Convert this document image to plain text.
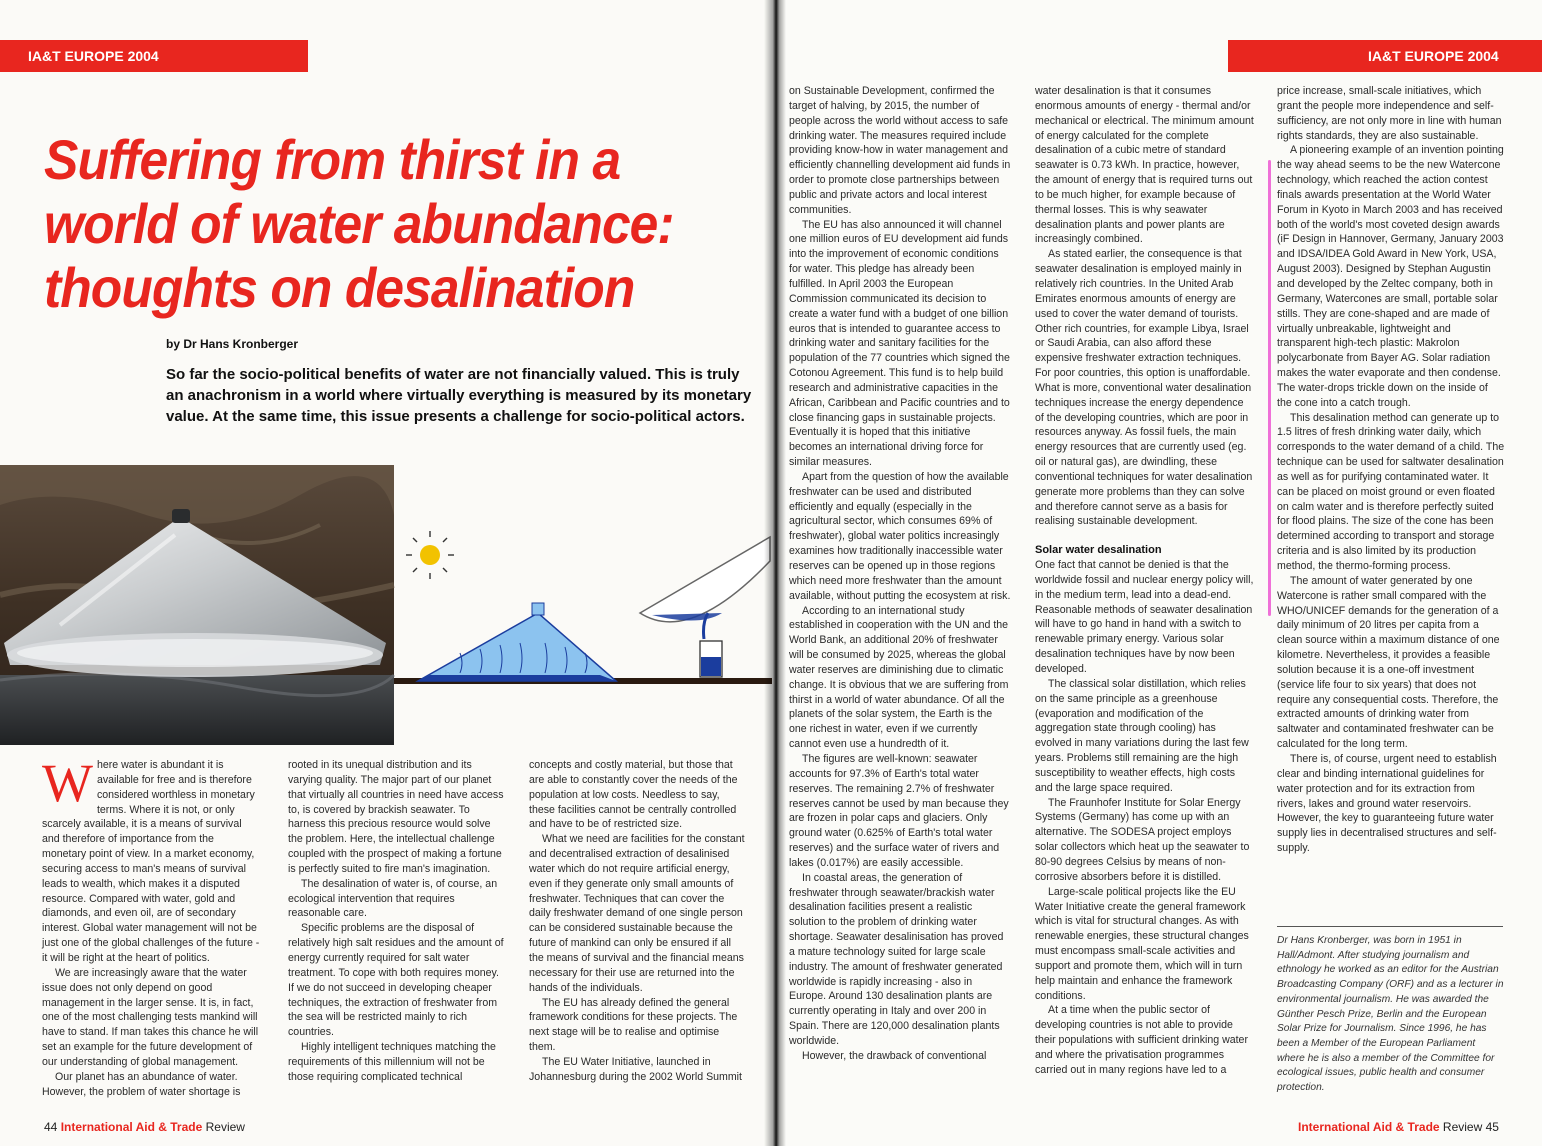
IA&T EUROPE 2004
Suffering from thirst in a world of water abundance: thoughts on desalination
by Dr Hans Kronberger

So far the socio-political benefits of water are not financially valued. This is truly an anachronism in a world where virtually everything is measured by its monetary value. At the same time, this issue presents a challenge for socio-political actors.

W here water is abundant it is available for free and is therefore considered worthless in monetary terms. Where it is not, or only scarcely available, it is a means of survival and therefore of importance from the monetary point of view. In a market economy, securing access to man's means of survival leads to wealth, which makes it a disputed resource. Compared with water, gold and diamonds, and even oil, are of secondary interest. Global water management will not be just one of the global challenges of the future - it will be right at the heart of politics.

We are increasingly aware that the water issue does not only depend on good management in the larger sense. It is, in fact, one of the most challenging tests mankind will have to stand. If man takes this chance he will set an example for the future development of our understanding of global management.

Our planet has an abundance of water. However, the problem of water shortage is

rooted in its unequal distribution and its varying quality. The major part of our planet that virtually all countries in need have access to, is covered by brackish seawater. To harness this precious resource would solve the problem. Here, the intellectual challenge coupled with the prospect of making a fortune is perfectly suited to fire man's imagination.

The desalination of water is, of course, an ecological intervention that requires reasonable care.

Specific problems are the disposal of relatively high salt residues and the amount of energy currently required for salt water treatment. To cope with both requires money. If we do not succeed in developing cheaper techniques, the extraction of freshwater from the sea will be restricted mainly to rich countries.

Highly intelligent techniques matching the requirements of this millennium will not be those requiring complicated technical

concepts and costly material, but those that are able to constantly cover the needs of the population at low costs. Needless to say, these facilities cannot be centrally controlled and have to be of restricted size.

What we need are facilities for the constant and decentralised extraction of desalinised water which do not require artificial energy, even if they generate only small amounts of freshwater. Techniques that can cover the daily freshwater demand of one single person can be considered sustainable because the future of mankind can only be ensured if all the means of survival and the financial means necessary for their use are returned into the hands of the individuals.

The EU has already defined the general framework conditions for these projects. The next stage will be to realise and optimise them.

The EU Water Initiative, launched in Johannesburg during the 2002 World Summit

44 International Aid & Trade Review
IA&T EUROPE 2004

on Sustainable Development, confirmed the target of halving, by 2015, the number of people across the world without access to safe drinking water. The measures required include providing know-how in water management and efficiently channelling development aid funds in order to promote close partnerships between public and private actors and local interest communities.

The EU has also announced it will channel one million euros of EU development aid funds into the improvement of economic conditions for water. This pledge has already been fulfilled. In April 2003 the European Commission communicated its decision to create a water fund with a budget of one billion euros that is intended to guarantee access to drinking water and sanitary facilities for the population of the 77 countries which signed the Cotonou Agreement. This fund is to help build research and administrative capacities in the African, Caribbean and Pacific countries and to close financing gaps in sustainable projects. Eventually it is hoped that this initiative becomes an international driving force for similar measures.

Apart from the question of how the available freshwater can be used and distributed efficiently and equally (especially in the agricultural sector, which consumes 69% of freshwater), global water politics increasingly examines how traditionally inaccessible water reserves can be opened up in those regions which need more freshwater than the amount available, without putting the ecosystem at risk.

According to an international study established in cooperation with the UN and the World Bank, an additional 20% of freshwater will be consumed by 2025, whereas the global water reserves are diminishing due to climatic change. It is obvious that we are suffering from thirst in a world of water abundance. Of all the planets of the solar system, the Earth is the one richest in water, even if we currently cannot even use a hundredth of it.

The figures are well-known: seawater accounts for 97.3% of Earth's total water reserves. The remaining 2.7% of freshwater reserves cannot be used by man because they are frozen in polar caps and glaciers. Only ground water (0.625% of Earth's total water reserves) and the surface water of rivers and lakes (0.017%) are easily accessible.

In coastal areas, the generation of freshwater through seawater/brackish water desalination facilities present a realistic solution to the problem of drinking water shortage. Seawater desalinisation has proved a mature technology suited for large scale industry. The amount of freshwater generated worldwide is rapidly increasing - also in Europe. Around 130 desalination plants are currently operating in Italy and over 200 in Spain. There are 120,000 desalination plants worldwide.

However, the drawback of conventional

water desalination is that it consumes enormous amounts of energy - thermal and/or mechanical or electrical. The minimum amount of energy calculated for the complete desalination of a cubic metre of standard seawater is 0.73 kWh. In practice, however, the amount of energy that is required turns out to be much higher, for example because of thermal losses. This is why seawater desalination plants and power plants are increasingly combined.

As stated earlier, the consequence is that seawater desalination is employed mainly in relatively rich countries. In the United Arab Emirates enormous amounts of energy are used to cover the water demand of tourists. Other rich countries, for example Libya, Israel or Saudi Arabia, can also afford these expensive freshwater extraction techniques. For poor countries, this option is unaffordable. What is more, conventional water desalination techniques increase the energy dependence of the developing countries, which are poor in resources anyway. As fossil fuels, the main energy resources that are currently used (eg. oil or natural gas), are dwindling, these conventional techniques for water desalination generate more problems than they can solve and therefore cannot serve as a basis for realising sustainable development.

Solar water desalination

One fact that cannot be denied is that the worldwide fossil and nuclear energy policy will, in the medium term, lead into a dead-end. Reasonable methods of seawater desalination will have to go hand in hand with a switch to renewable primary energy. Various solar desalination techniques have by now been developed.

The classical solar distillation, which relies on the same principle as a greenhouse (evaporation and modification of the aggregation state through cooling) has evolved in many variations during the last few years. Problems still remaining are the high susceptibility to weather effects, high costs and the large space required.

The Fraunhofer Institute for Solar Energy Systems (Germany) has come up with an alternative. The SODESA project employs solar collectors which heat up the seawater to 80-90 degrees Celsius by means of non-corrosive absorbers before it is distilled.

Large-scale political projects like the EU Water Initiative create the general framework which is vital for structural changes. As with renewable energies, these structural changes must encompass small-scale activities and support and promote them, which will in turn help maintain and enhance the framework conditions.

At a time when the public sector of developing countries is not able to provide their populations with sufficient drinking water and where the privatisation programmes carried out in many regions have led to a

price increase, small-scale initiatives, which grant the people more independence and self-sufficiency, are not only more in line with human rights standards, they are also sustainable.

A pioneering example of an invention pointing the way ahead seems to be the new Watercone technology, which reached the action contest finals awards presentation at the World Water Forum in Kyoto in March 2003 and has received both of the world's most coveted design awards (iF Design in Hannover, Germany, January 2003 and IDSA/IDEA Gold Award in New York, USA, August 2003). Designed by Stephan Augustin and developed by the Zeltec company, both in Germany, Watercones are small, portable solar stills. They are cone-shaped and are made of virtually unbreakable, lightweight and transparent high-tech plastic: Makrolon polycarbonate from Bayer AG. Solar radiation makes the water evaporate and then condense. The water-drops trickle down on the inside of the cone into a catch trough.

This desalination method can generate up to 1.5 litres of fresh drinking water daily, which corresponds to the water demand of a child. The technique can be used for saltwater desalination as well as for purifying contaminated water. It can be placed on moist ground or even floated on calm water and is therefore perfectly suited for flood plains. The size of the cone has been determined according to transport and storage criteria and is also limited by its production method, the thermo-forming process.

The amount of water generated by one Watercone is rather small compared with the WHO/UNICEF demands for the generation of a daily minimum of 20 litres per capita from a clean source within a maximum distance of one kilometre. Nevertheless, it provides a feasible solution because it is a one-off investment (service life four to six years) that does not require any consequential costs. Therefore, the extracted amounts of drinking water from saltwater and contaminated freshwater can be calculated for the long term.

There is, of course, urgent need to establish clear and binding international guidelines for water protection and for its extraction from rivers, lakes and ground water reservoirs. However, the key to guaranteeing future water supply lies in decentralised structures and self-supply.

Dr Hans Kronberger, was born in 1951 in Hall/Admont. After studying journalism and ethnology he worked as an editor for the Austrian Broadcasting Company (ORF) and as a lecturer in environmental journalism. He was awarded the Günther Pesch Prize, Berlin and the European Solar Prize for Journalism. Since 1996, he has been a Member of the European Parliament where he is also a member of the Committee for ecological issues, public health and consumer protection.
International Aid & Trade Review 45
